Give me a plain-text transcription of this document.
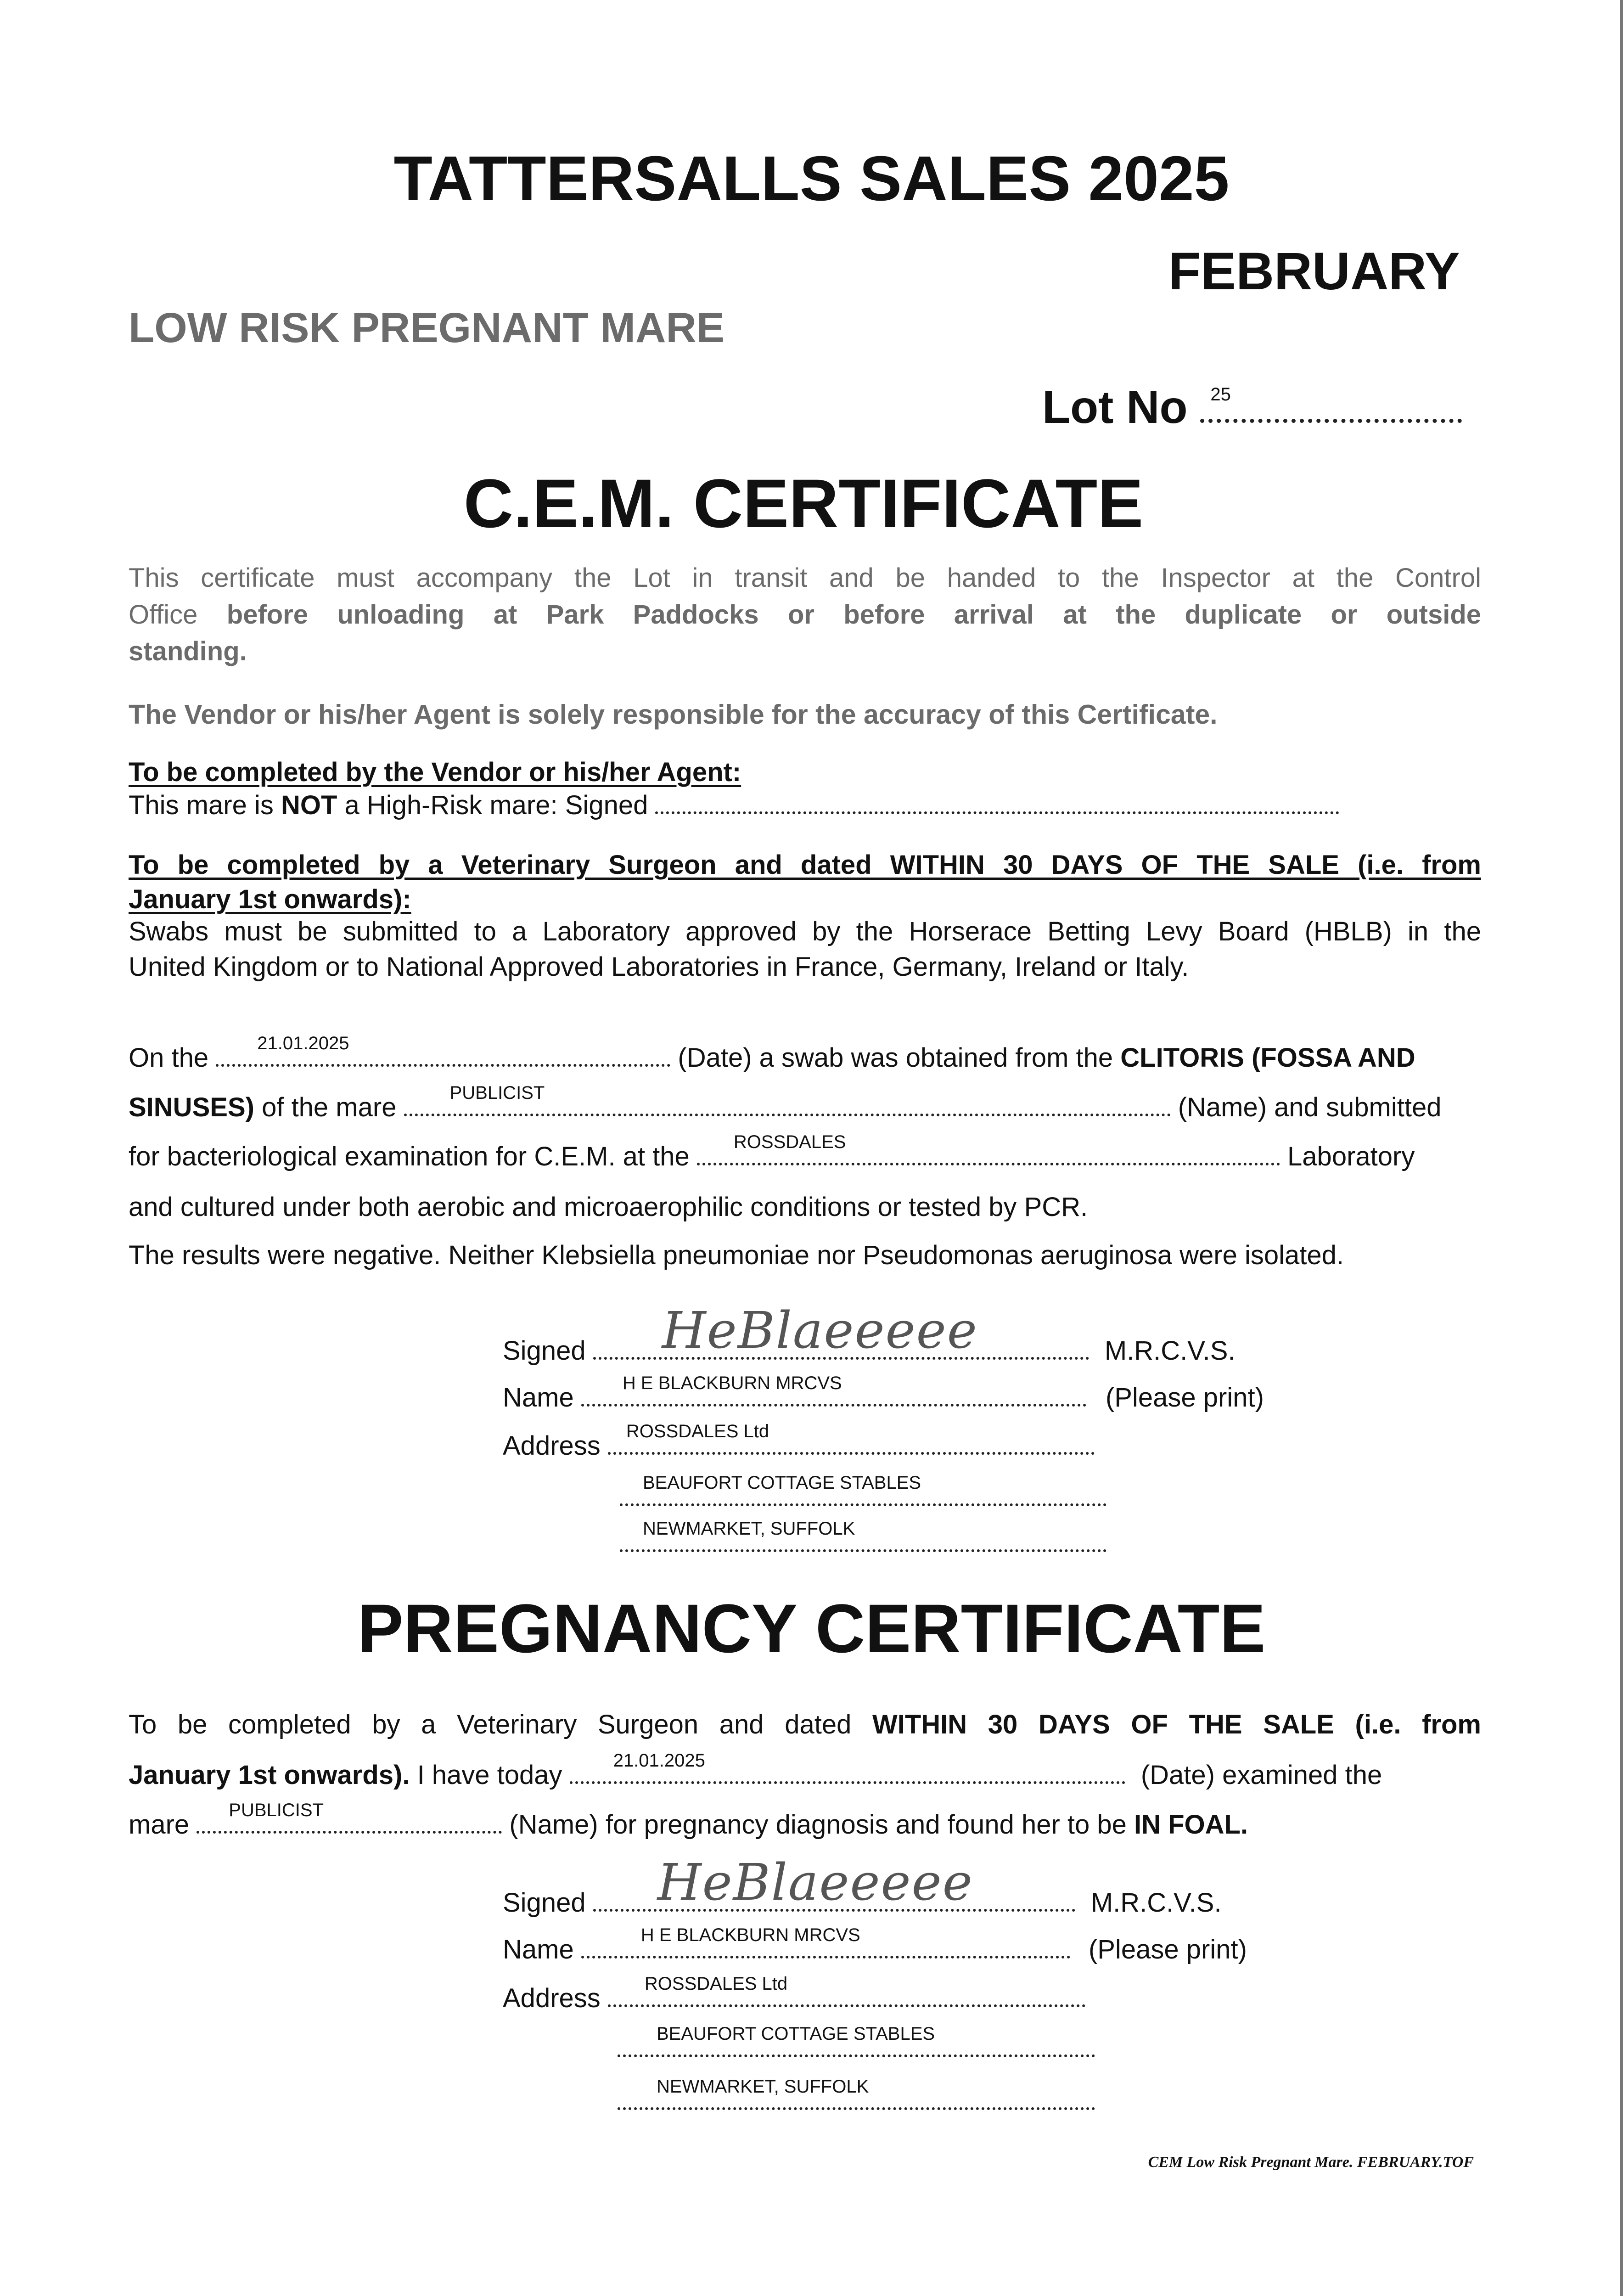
TATTERSALLS SALES 2025
FEBRUARY
LOW RISK PREGNANT MARE
Lot No 25
C.E.M. CERTIFICATE
This certificate must accompany the Lot in transit and be handed to the Inspector at the Control
Office before unloading at Park Paddocks or before arrival at the duplicate or outside
standing.
The Vendor or his/her Agent is solely responsible for the accuracy of this Certificate.
To be completed by the Vendor or his/her Agent:
This mare is NOT a High-Risk mare: Signed
To be completed by a Veterinary Surgeon and dated WITHIN 30 DAYS OF THE SALE (i.e. from
January 1st onwards):
Swabs must be submitted to a Laboratory approved by the Horserace Betting Levy Board (HBLB) in the
United Kingdom or to National Approved Laboratories in France, Germany, Ireland or Italy.
On the	21.01.2025	(Date) a swab was obtained from the CLITORIS (FOSSA AND
SINUSES) of the mare	PUBLICIST	(Name) and submitted
for bacteriological examination for C.E.M. at the ROSSDALES	Laboratory
and cultured under both aerobic and microaerophilic conditions or tested by PCR.
The results were negative. Neither Klebsiella pneumoniae nor Pseudomonas aeruginosa were isolated.
Signed HeBlaeeeee	M.R.C.V.S.
Name	H E BLACKBURN MRCVS	(Please print)
Address ROSSDALES Ltd
BEAUFORT COTTAGE STABLES
NEWMARKET, SUFFOLK
PREGNANCY CERTIFICATE
To be completed by a Veterinary Surgeon and dated WITHIN 30 DAYS OF THE SALE (i.e. from
January 1st onwards). I have today	21.01.2025	(Date) examined the
mare PUBLICIST	(Name) for pregnancy diagnosis and found her to be IN FOAL.
Signed HeBlaeeeee	M.R.C.V.S.
Name	H E BLACKBURN MRCVS	(Please print)
Address ROSSDALES Ltd
BEAUFORT COTTAGE STABLES
NEWMARKET, SUFFOLK
CEM Low Risk Pregnant Mare. FEBRUARY.TOF
